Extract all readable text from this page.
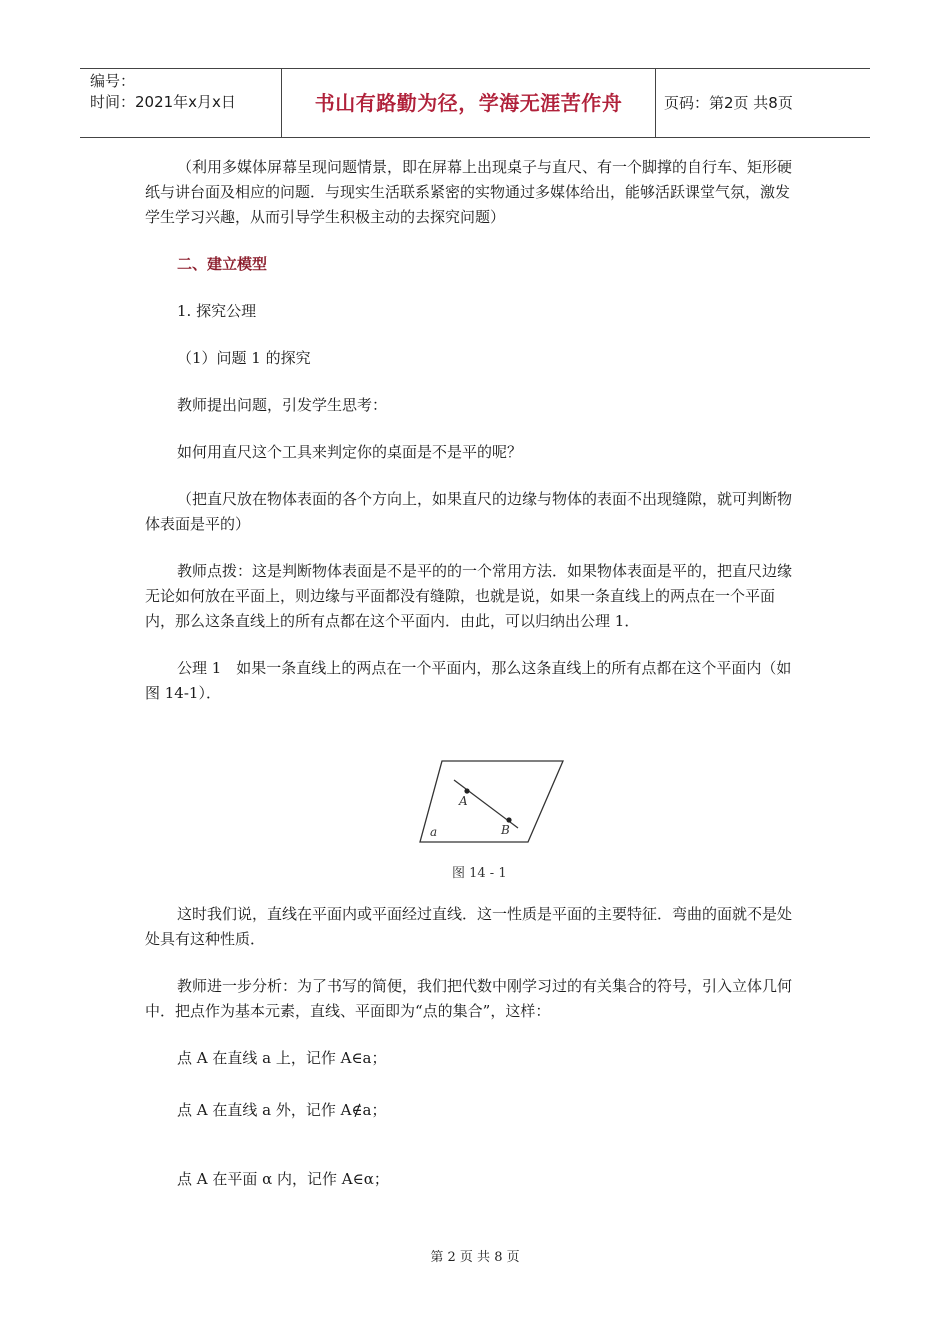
编号：
时间：2021年x月x日	书山有路勤为径，学海无涯苦作舟	页码：第2页 共8页

（利用多媒体屏幕呈现问题情景，即在屏幕上出现桌子与直尺、有一个脚撑的自行车、矩形硬纸与讲台面及相应的问题．与现实生活联系紧密的实物通过多媒体给出，能够活跃课堂气氛，激发学生学习兴趣，从而引导学生积极主动的去探究问题）

二、建立模型

1. 探究公理

（1）问题 1 的探究

教师提出问题，引发学生思考：

如何用直尺这个工具来判定你的桌面是不是平的呢？

（把直尺放在物体表面的各个方向上，如果直尺的边缘与物体的表面不出现缝隙，就可判断物体表面是平的）

教师点拨：这是判断物体表面是不是平的的一个常用方法．如果物体表面是平的，把直尺边缘无论如何放在平面上，则边缘与平面都没有缝隙，也就是说，如果一条直线上的两点在一个平面内，那么这条直线上的所有点都在这个平面内．由此，可以归纳出公理 1．

公理 1　如果一条直线上的两点在一个平面内，那么这条直线上的所有点都在这个平面内（如图 14-1）．

这时我们说，直线在平面内或平面经过直线．这一性质是平面的主要特征．弯曲的面就不是处处具有这种性质．

教师进一步分析：为了书写的简便，我们把代数中刚学习过的有关集合的符号，引入立体几何中．把点作为基本元素，直线、平面即为“点的集合”，这样：

点 A 在直线 a 上，记作 A∈a；

点 A 在直线 a 外，记作 A∉a；

点 A 在平面 α 内，记作 A∈α；

A
B
a
图 14 - 1
第 2 页 共 8 页
